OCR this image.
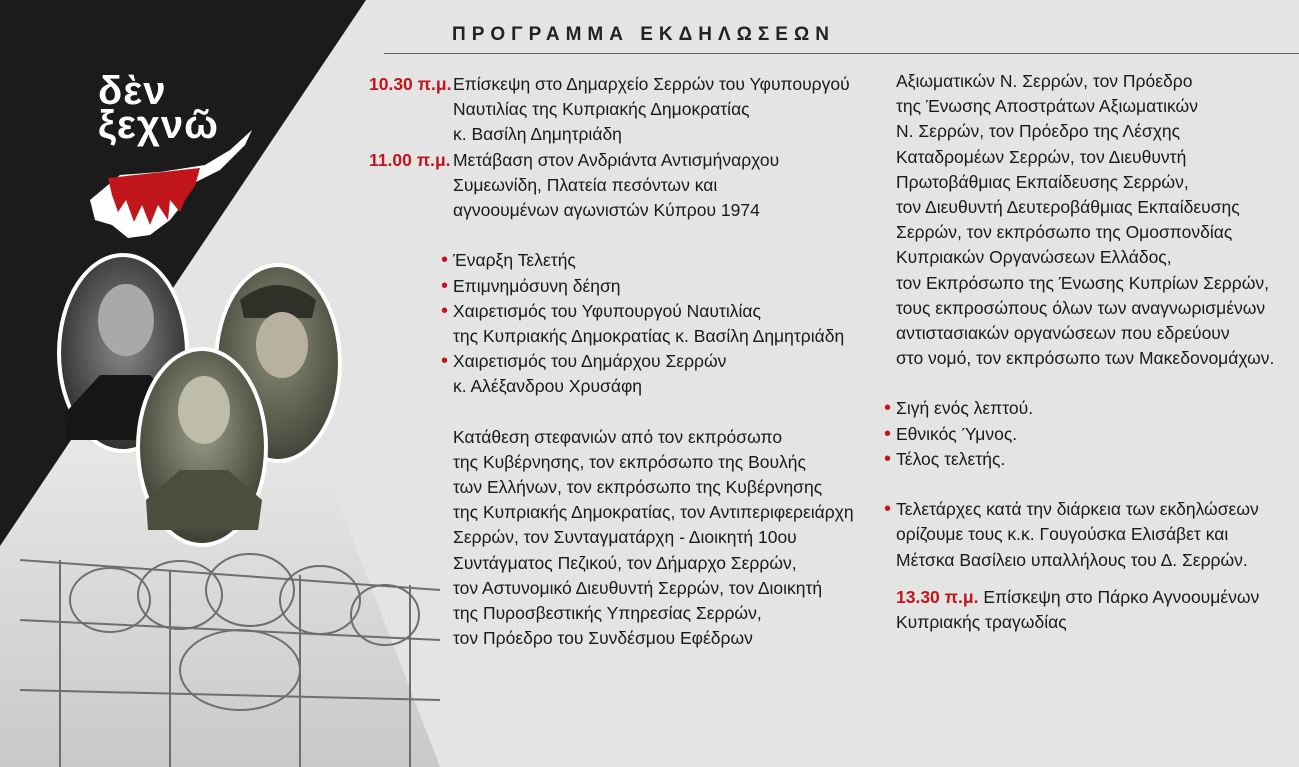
δὲν
ξεχνῶ
ΠΡΟΓΡΑΜΜΑ ΕΚΔΗΛΩΣΕΩΝ
10.30 π.μ.Επίσκεψη στο Δημαρχείο Σερρών του Υφυπουργού
Ναυτιλίας της Κυπριακής Δημοκρατίας
κ. Βασίλη Δημητριάδη
11.00 π.μ. Μετάβαση στον Ανδριάντα Αντισμήναρχου
Συμεωνίδη, Πλατεία πεσόντων και
αγνοουμένων αγωνιστών Κύπρου 1974
• Έναρξη Τελετής
• Επιμνημόσυνη δέηση
• Χαιρετισμός του Υφυπουργού Ναυτιλίας
της Κυπριακής Δημοκρατίας κ. Βασίλη Δημητριάδη
• Χαιρετισμός του Δημάρχου Σερρών
κ. Αλέξανδρου Χρυσάφη
Κατάθεση στεφανιών από τον εκπρόσωπο
της Κυβέρνησης, τον εκπρόσωπο της Βουλής
των Ελλήνων, τον εκπρόσωπο της Κυβέρνησης
της Κυπριακής Δημοκρατίας, τον Αντιπεριφερειάρχη
Σερρών, τον Συνταγματάρχη - Διοικητή 10ου
Συντάγματος Πεζικού, τον Δήμαρχο Σερρών,
τον Αστυνομικό Διευθυντή Σερρών, τον Διοικητή
της Πυροσβεστικής Υπηρεσίας Σερρών,
τον Πρόεδρο του Συνδέσμου Εφέδρων
Αξιωματικών Ν. Σερρών, τον Πρόεδρο
της Ένωσης Αποστράτων Αξιωματικών
Ν. Σερρών, τον Πρόεδρο της Λέσχης
Καταδρομέων Σερρών, τον Διευθυντή
Πρωτοβάθμιας Εκπαίδευσης Σερρών,
τον Διευθυντή Δευτεροβάθμιας Εκπαίδευσης
Σερρών, τον εκπρόσωπο της Ομοσπονδίας
Κυπριακών Οργανώσεων Ελλάδος,
τον Εκπρόσωπο της Ένωσης Κυπρίων Σερρών,
τους εκπροσώπους όλων των αναγνωρισμένων
αντιστασιακών οργανώσεων που εδρεύουν
στο νομό, τον εκπρόσωπο των Μακεδονομάχων.
• Σιγή ενός λεπτού.
• Εθνικός Ύμνος.
• Τέλος τελετής.
• Τελετάρχες κατά την διάρκεια των εκδηλώσεων
ορίζουμε τους κ.κ. Γουγούσκα Ελισάβετ και
Μέτσκα Βασίλειο υπαλλήλους του Δ. Σερρών.
13.30 π.μ. Επίσκεψη στο Πάρκο Αγνοουμένων
Κυπριακής τραγωδίας
